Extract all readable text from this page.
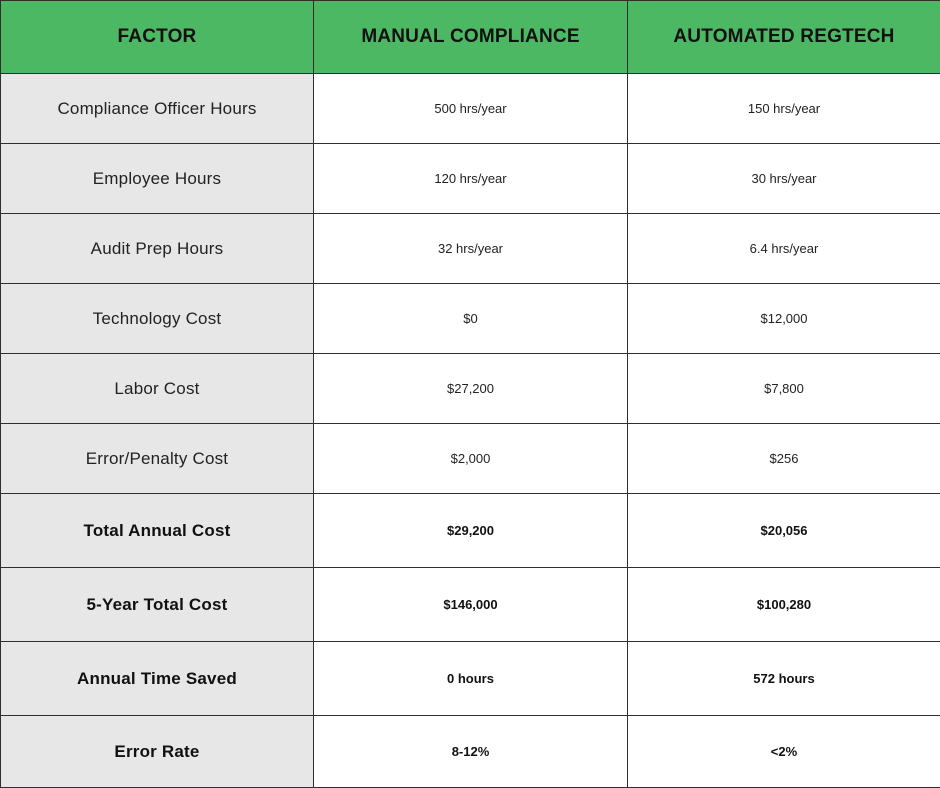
FACTOR	MANUAL COMPLIANCE	AUTOMATED REGTECH
Compliance Officer Hours	500 hrs/year	150 hrs/year
Employee Hours	120 hrs/year	30 hrs/year
Audit Prep Hours	32 hrs/year	6.4 hrs/year
Technology Cost	$0	$12,000
Labor Cost	$27,200	$7,800
Error/Penalty Cost	$2,000	$256
Total Annual Cost	$29,200	$20,056
5-Year Total Cost	$146,000	$100,280
Annual Time Saved	0 hours	572 hours
Error Rate	8-12%	<2%
